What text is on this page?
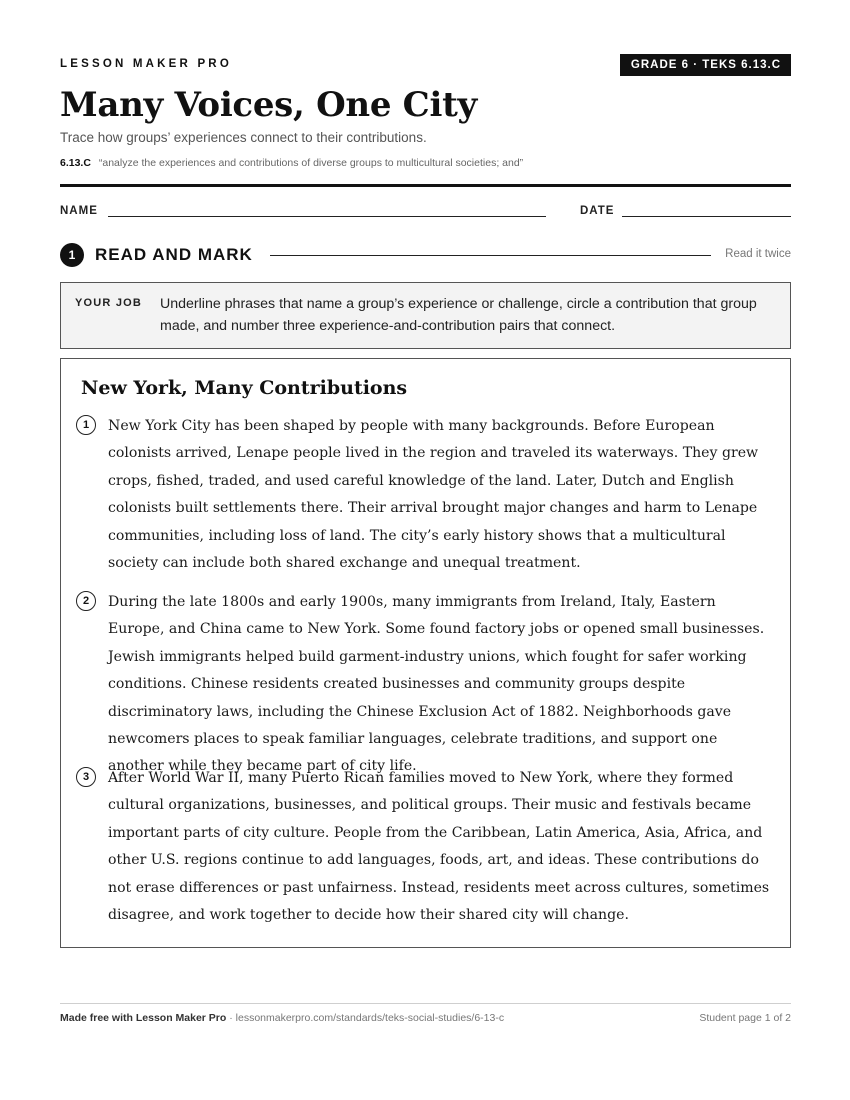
LESSON MAKER PRO	GRADE 6 · TEKS 6.13.C
Many Voices, One City
Trace how groups’ experiences connect to their contributions.
6.13.C “analyze the experiences and contributions of diverse groups to multicultural societies; and”
NAME	DATE
1	READ AND MARK	Read it twice
YOUR JOB Underline phrases that name a group’s experience or challenge, circle a contribution that group made, and number three experience-and-contribution pairs that connect.
New York, Many Contributions
1	New York City has been shaped by people with many backgrounds. Before European colonists arrived, Lenape people lived in the region and traveled its waterways. They grew crops, fished, traded, and used careful knowledge of the land. Later, Dutch and English colonists built settlements there. Their arrival brought major changes and harm to Lenape communities, including loss of land. The city’s early history shows that a multicultural society can include both shared exchange and unequal treatment.

2	During the late 1800s and early 1900s, many immigrants from Ireland, Italy, Eastern Europe, and China came to New York. Some found factory jobs or opened small businesses. Jewish immigrants helped build garment-industry unions, which fought for safer working conditions. Chinese residents created businesses and community groups despite discriminatory laws, including the Chinese Exclusion Act of 1882. Neighborhoods gave newcomers places to speak familiar languages, celebrate traditions, and support one another while they became part of city life.

3	After World War II, many Puerto Rican families moved to New York, where they formed cultural organizations, businesses, and political groups. Their music and festivals became important parts of city culture. People from the Caribbean, Latin America, Asia, Africa, and other U.S. regions continue to add languages, foods, art, and ideas. These contributions do not erase differences or past unfairness. Instead, residents meet across cultures, sometimes disagree, and work together to decide how their shared city will change.

Made free with Lesson Maker Pro · lessonmakerpro.com/standards/teks-social-studies/6-13-c	Student page 1 of 2
